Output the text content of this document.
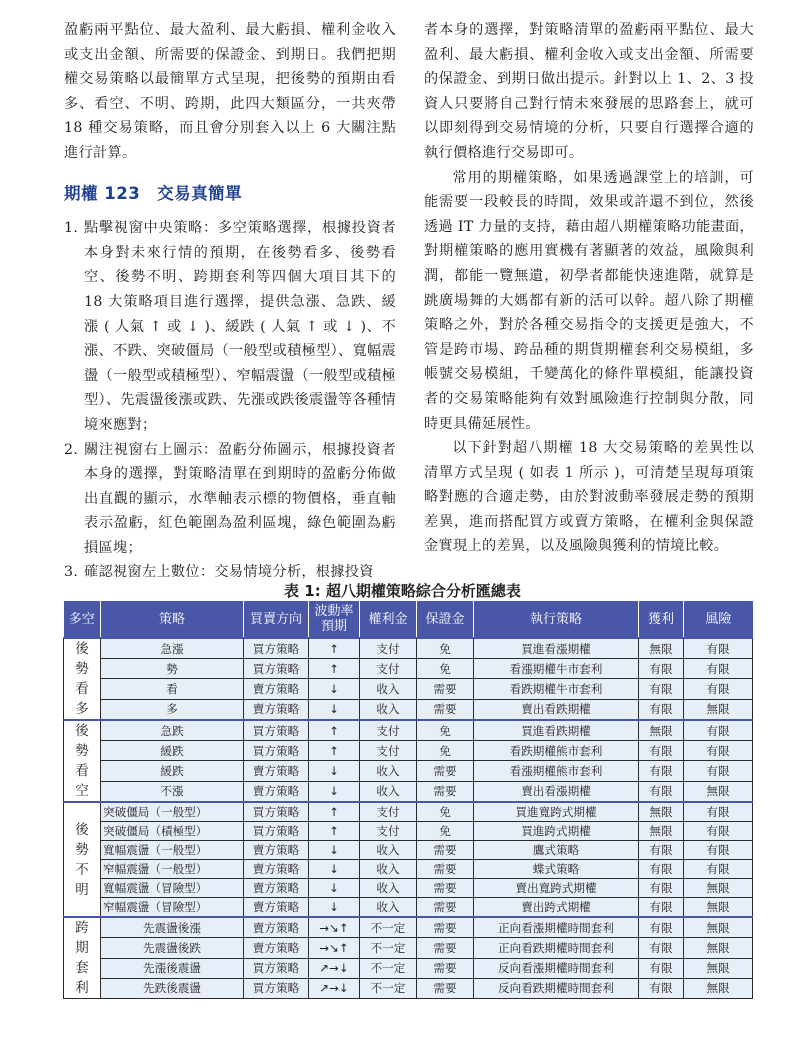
盈虧兩平點位、最大盈利、最大虧損、權利金收入或支出金額、所需要的保證金、到期日。我們把期權交易策略以最簡單方式呈現，把後勢的預期由看多、看空、不明、跨期，此四大類區分，一共夾帶 18 種交易策略，而且會分別套入以上 6 大關注點進行計算。

期權 123　交易真簡單
1. 點擊視窗中央策略：多空策略選擇，根據投資者本身對未來行情的預期，在後勢看多、後勢看空、後勢不明、跨期套利等四個大項目其下的 18 大策略項目進行選擇，提供急漲、急跌、緩漲 ( 人氣 ↑ 或 ↓ )、緩跌 ( 人氣 ↑ 或 ↓ )、不漲、不跌、突破僵局（一般型或積極型）、寬幅震盪（一般型或積極型）、窄幅震盪（一般型或積極型）、先震盪後漲或跌、先漲或跌後震盪等各種情境來應對；
2. 關注視窗右上圖示：盈虧分佈圖示，根據投資者本身的選擇，對策略清單在到期時的盈虧分佈做出直觀的顯示，水準軸表示標的物價格，垂直軸表示盈虧，紅色範圍為盈利區塊，綠色範圍為虧損區塊；
3. 確認視窗左上數位：交易情境分析，根據投資

者本身的選擇，對策略清單的盈虧兩平點位、最大盈利、最大虧損、權利金收入或支出金額、所需要的保證金、到期日做出提示。針對以上 1、2、3 投資人只要將自己對行情未來發展的思路套上，就可以即刻得到交易情境的分析，只要自行選擇合適的執行價格進行交易即可。

常用的期權策略，如果透過課堂上的培訓，可能需要一段較長的時間，效果或許還不到位，然後透過 IT 力量的支持，藉由超八期權策略功能畫面，對期權策略的應用實機有著顯著的效益，風險與利潤，都能一覽無遺，初學者都能快速進階，就算是跳廣場舞的大媽都有新的活可以幹。超八除了期權策略之外，對於各種交易指令的支援更是強大，不管是跨市場、跨品種的期貨期權套利交易模組，多帳號交易模組，千變萬化的條件單模組，能讓投資者的交易策略能夠有效對風險進行控制與分散，同時更具備延展性。

以下針對超八期權 18 大交易策略的差異性以清單方式呈現 ( 如表 1 所示 )，可清楚呈現每項策略對應的合適走勢，由於對波動率發展走勢的預期差異，進而搭配買方或賣方策略，在權利金與保證金實現上的差異，以及風險與獲利的情境比較。

表 1: 超八期權策略綜合分析匯總表
多空	策略	買賣方向	波動率預期	權利金	保證金	執行策略	獲利	風險

後
勢
看
多	急漲	買方策略	↑	支付	免	買進看漲期權	無限	有限
	勢	買方策略	↑	支付	免	看漲期權牛市套利	有限	有限
	看	賣方策略	↓	收入	需要	看跌期權牛市套利	有限	有限
	多	賣方策略	↓	收入	需要	賣出看跌期權	有限	無限

後
勢
看
空	急跌	買方策略	↑	支付	免	買進看跌期權	無限	有限
	緩跌	買方策略	↑	支付	免	看跌期權熊市套利	有限	有限
	緩跌	賣方策略	↓	收入	需要	看漲期權熊市套利	有限	有限
	不漲	賣方策略	↓	收入	需要	賣出看漲期權	有限	無限

後
勢
不
明	突破僵局（一般型）	買方策略	↑	支付	免	買進寬跨式期權	無限	有限
	突破僵局（積極型）	買方策略	↑	支付	免	買進跨式期權	無限	有限
	寬幅震盪（一般型）	賣方策略	↓	收入	需要	鷹式策略	有限	有限
	窄幅震盪（一般型）	賣方策略	↓	收入	需要	蝶式策略	有限	有限
	寬幅震盪（冒險型）	賣方策略	↓	收入	需要	賣出寬跨式期權	有限	無限
	窄幅震盪（冒險型）	賣方策略	↓	收入	需要	賣出跨式期權	有限	無限

跨
期
套
利	先震盪後漲	賣方策略	→↘↑	不一定	需要	正向看漲期權時間套利	有限	無限
	先震盪後跌	賣方策略	→↘↑	不一定	需要	正向看跌期權時間套利	有限	無限
	先漲後震盪	買方策略	↗→↓	不一定	需要	反向看漲期權時間套利	有限	無限
	先跌後震盪	買方策略	↗→↓	不一定	需要	反向看跌期權時間套利	有限	無限
